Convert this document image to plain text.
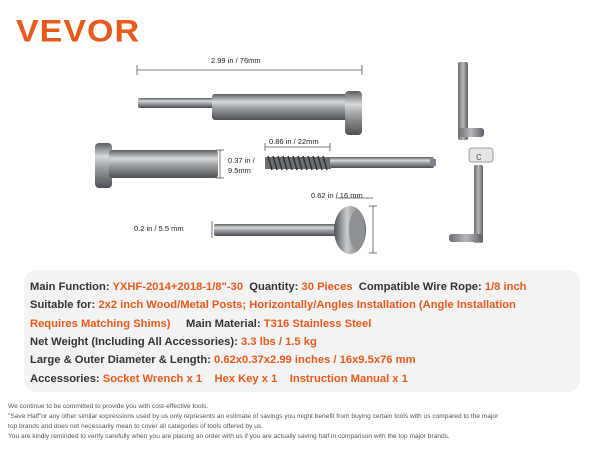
VEVOR
c
2.99 in / 76mm
0.86 in / 22mm
0.37 in /
9.5mm
0.62 in / 16 mm
0.2 in / 5.5 mm
Main Function: YXHF-2014+2018-1/8"-30 Quantity: 30 Pieces Compatible Wire Rope: 1/8 inch
Suitable for: 2x2 inch Wood/Metal Posts; Horizontally/Angles Installation (Angle Installation
Requires Matching Shims) Main Material: T316 Stainless Steel
Net Weight (Including All Accessories): 3.3 lbs / 1.5 kg
Large & Outer Diameter & Length: 0.62x0.37x2.99 inches / 16x9.5x76 mm
Accessories: Socket Wrench x 1 Hex Key x 1 Instruction Manual x 1
We continue to be committed to provide you with cost-effective tools.
"Save Half"or any other similar expressions used by us only represents an estimate of savings you might benefit from buying certain tools with us compared to the major
top brands and does not necessarily mean to cover all categories of tools offered by us.
You are kindly reminded to verify carefully when you are placing an order with us if you are actually saving half in comparison with the top major brands.
